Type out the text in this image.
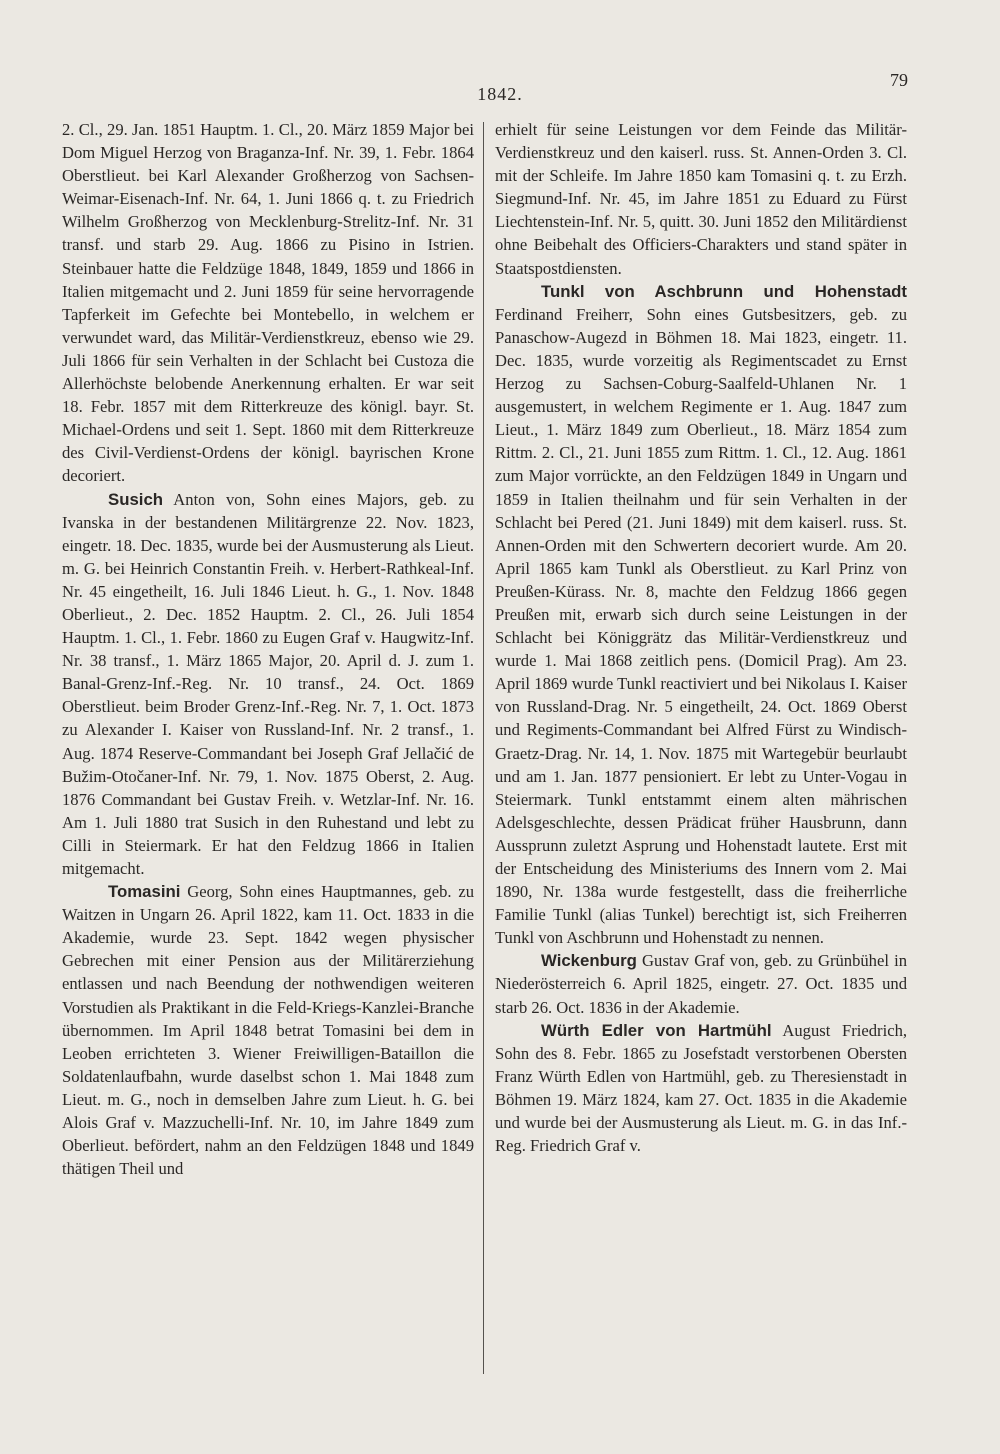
1842.
79

2. Cl., 29. Jan. 1851 Hauptm. 1. Cl., 20. März 1859 Major bei Dom Miguel Herzog von Braganza-Inf. Nr. 39, 1. Febr. 1864 Oberstlieut. bei Karl Alexander Großherzog von Sachsen-Weimar-Eisenach-Inf. Nr. 64, 1. Juni 1866 q. t. zu Friedrich Wilhelm Großherzog von Mecklenburg-Strelitz-Inf. Nr. 31 transf. und starb 29. Aug. 1866 zu Pisino in Istrien. Steinbauer hatte die Feldzüge 1848, 1849, 1859 und 1866 in Italien mitgemacht und 2. Juni 1859 für seine hervorragende Tapferkeit im Gefechte bei Montebello, in welchem er verwundet ward, das Militär-Verdienstkreuz, ebenso wie 29. Juli 1866 für sein Verhalten in der Schlacht bei Custoza die Allerhöchste belobende Anerkennung erhalten. Er war seit 18. Febr. 1857 mit dem Ritterkreuze des königl. bayr. St. Michael-Ordens und seit 1. Sept. 1860 mit dem Ritterkreuze des Civil-Verdienst-Ordens der königl. bayrischen Krone decoriert.

Susich Anton von, Sohn eines Majors, geb. zu Ivanska in der bestandenen Militärgrenze 22. Nov. 1823, eingetr. 18. Dec. 1835, wurde bei der Ausmusterung als Lieut. m. G. bei Heinrich Constantin Freih. v. Herbert-Rathkeal-Inf. Nr. 45 eingetheilt, 16. Juli 1846 Lieut. h. G., 1. Nov. 1848 Oberlieut., 2. Dec. 1852 Hauptm. 2. Cl., 26. Juli 1854 Hauptm. 1. Cl., 1. Febr. 1860 zu Eugen Graf v. Haugwitz-Inf. Nr. 38 transf., 1. März 1865 Major, 20. April d. J. zum 1. Banal-Grenz-Inf.-Reg. Nr. 10 transf., 24. Oct. 1869 Oberstlieut. beim Broder Grenz-Inf.-Reg. Nr. 7, 1. Oct. 1873 zu Alexander I. Kaiser von Russland-Inf. Nr. 2 transf., 1. Aug. 1874 Reserve-Commandant bei Joseph Graf Jellačić de Bužim-Otočaner-Inf. Nr. 79, 1. Nov. 1875 Oberst, 2. Aug. 1876 Commandant bei Gustav Freih. v. Wetzlar-Inf. Nr. 16. Am 1. Juli 1880 trat Susich in den Ruhestand und lebt zu Cilli in Steiermark. Er hat den Feldzug 1866 in Italien mitgemacht.

Tomasini Georg, Sohn eines Hauptmannes, geb. zu Waitzen in Ungarn 26. April 1822, kam 11. Oct. 1833 in die Akademie, wurde 23. Sept. 1842 wegen physischer Gebrechen mit einer Pension aus der Militärerziehung entlassen und nach Beendung der nothwendigen weiteren Vorstudien als Praktikant in die Feld-Kriegs-Kanzlei-Branche übernommen. Im April 1848 betrat Tomasini bei dem in Leoben errichteten 3. Wiener Freiwilligen-Bataillon die Soldatenlaufbahn, wurde daselbst schon 1. Mai 1848 zum Lieut. m. G., noch in demselben Jahre zum Lieut. h. G. bei Alois Graf v. Mazzuchelli-Inf. Nr. 10, im Jahre 1849 zum Oberlieut. befördert, nahm an den Feldzügen 1848 und 1849 thätigen Theil und

erhielt für seine Leistungen vor dem Feinde das Militär-Verdienstkreuz und den kaiserl. russ. St. Annen-Orden 3. Cl. mit der Schleife. Im Jahre 1850 kam Tomasini q. t. zu Erzh. Siegmund-Inf. Nr. 45, im Jahre 1851 zu Eduard zu Fürst Liechtenstein-Inf. Nr. 5, quitt. 30. Juni 1852 den Militärdienst ohne Beibehalt des Officiers-Charakters und stand später in Staatspostdiensten.

Tunkl von Aschbrunn und Hohenstadt Ferdinand Freiherr, Sohn eines Gutsbesitzers, geb. zu Panaschow-Augezd in Böhmen 18. Mai 1823, eingetr. 11. Dec. 1835, wurde vorzeitig als Regimentscadet zu Ernst Herzog zu Sachsen-Coburg-Saalfeld-Uhlanen Nr. 1 ausgemustert, in welchem Regimente er 1. Aug. 1847 zum Lieut., 1. März 1849 zum Oberlieut., 18. März 1854 zum Rittm. 2. Cl., 21. Juni 1855 zum Rittm. 1. Cl., 12. Aug. 1861 zum Major vorrückte, an den Feldzügen 1849 in Ungarn und 1859 in Italien theilnahm und für sein Verhalten in der Schlacht bei Pered (21. Juni 1849) mit dem kaiserl. russ. St. Annen-Orden mit den Schwertern decoriert wurde. Am 20. April 1865 kam Tunkl als Oberstlieut. zu Karl Prinz von Preußen-Kürass. Nr. 8, machte den Feldzug 1866 gegen Preußen mit, erwarb sich durch seine Leistungen in der Schlacht bei Königgrätz das Militär-Verdienstkreuz und wurde 1. Mai 1868 zeitlich pens. (Domicil Prag). Am 23. April 1869 wurde Tunkl reactiviert und bei Nikolaus I. Kaiser von Russland-Drag. Nr. 5 eingetheilt, 24. Oct. 1869 Oberst und Regiments-Commandant bei Alfred Fürst zu Windisch-Graetz-Drag. Nr. 14, 1. Nov. 1875 mit Wartegebür beurlaubt und am 1. Jan. 1877 pensioniert. Er lebt zu Unter-Vogau in Steiermark. Tunkl entstammt einem alten mährischen Adelsgeschlechte, dessen Prädicat früher Hausbrunn, dann Aussprunn zuletzt Asprung und Hohenstadt lautete. Erst mit der Entscheidung des Ministeriums des Innern vom 2. Mai 1890, Nr. 138a wurde festgestellt, dass die freiherrliche Familie Tunkl (alias Tunkel) berechtigt ist, sich Freiherren Tunkl von Aschbrunn und Hohenstadt zu nennen.

Wickenburg Gustav Graf von, geb. zu Grünbühel in Niederösterreich 6. April 1825, eingetr. 27. Oct. 1835 und starb 26. Oct. 1836 in der Akademie.

Würth Edler von Hartmühl August Friedrich, Sohn des 8. Febr. 1865 zu Josefstadt verstorbenen Obersten Franz Würth Edlen von Hartmühl, geb. zu Theresienstadt in Böhmen 19. März 1824, kam 27. Oct. 1835 in die Akademie und wurde bei der Ausmusterung als Lieut. m. G. in das Inf.-Reg. Friedrich Graf v.
